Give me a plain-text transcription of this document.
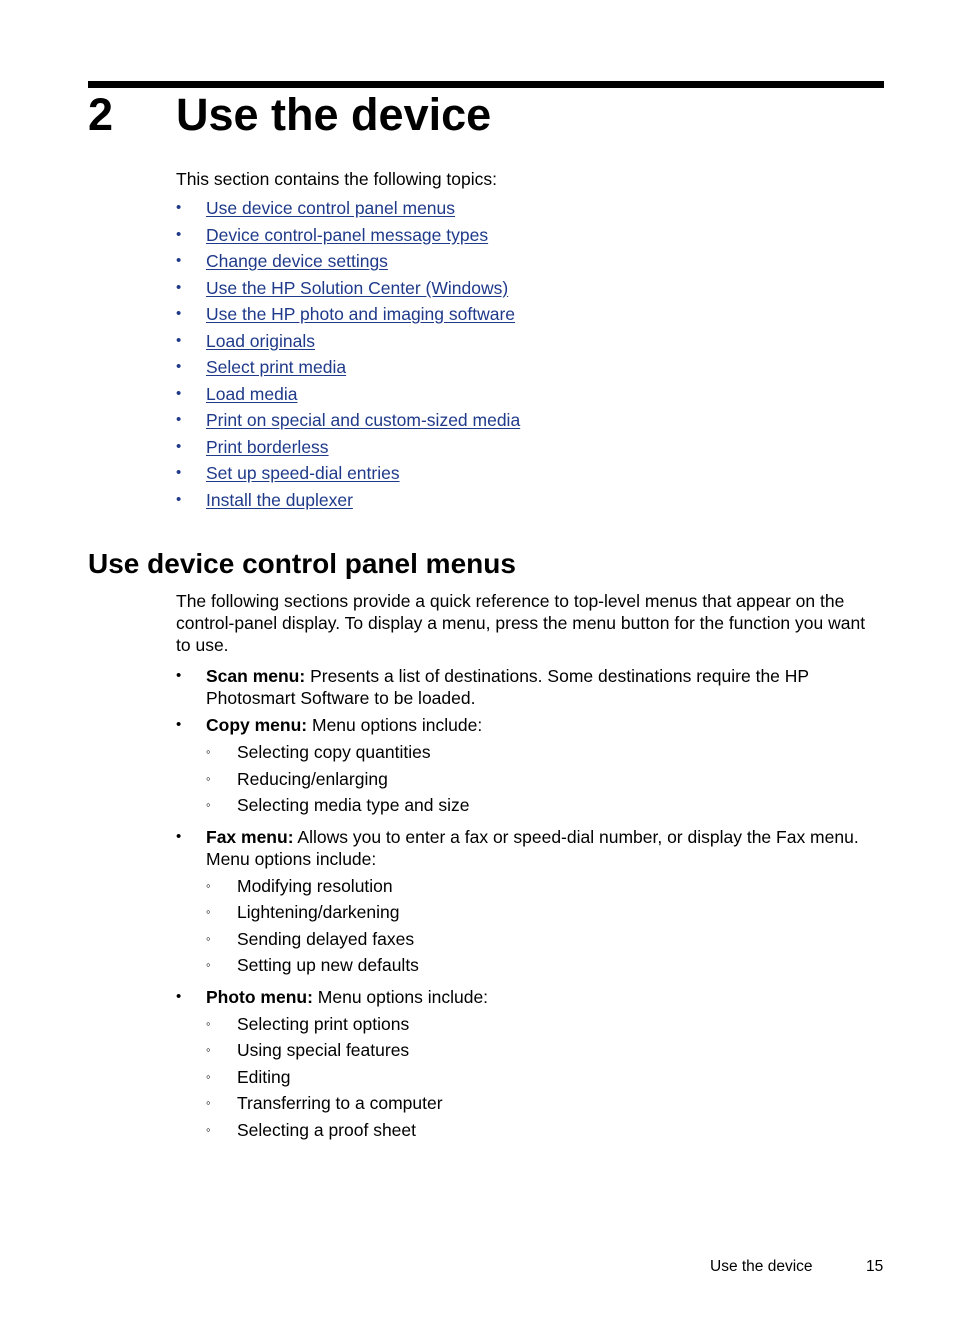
2 Use the device
This section contains the following topics:
• Use device control panel menus
• Device control-panel message types
• Change device settings
• Use the HP Solution Center (Windows)
• Use the HP photo and imaging software
• Load originals
• Select print media
• Load media
• Print on special and custom-sized media
• Print borderless
• Set up speed-dial entries
• Install the duplexer
Use device control panel menus

The following sections provide a quick reference to top-level menus that appear on the control-panel display. To display a menu, press the menu button for the function you want to use.

• Scan menu: Presents a list of destinations. Some destinations require the HP Photosmart Software to be loaded.
• Copy menu: Menu options include:
◦ Selecting copy quantities
◦ Reducing/enlarging
◦ Selecting media type and size
• Fax menu: Allows you to enter a fax or speed-dial number, or display the Fax menu. Menu options include:
◦ Modifying resolution
◦ Lightening/darkening
◦ Sending delayed faxes
◦ Setting up new defaults
• Photo menu: Menu options include:
◦ Selecting print options
◦ Using special features
◦ Editing
◦ Transferring to a computer
◦ Selecting a proof sheet
Use the device	15
